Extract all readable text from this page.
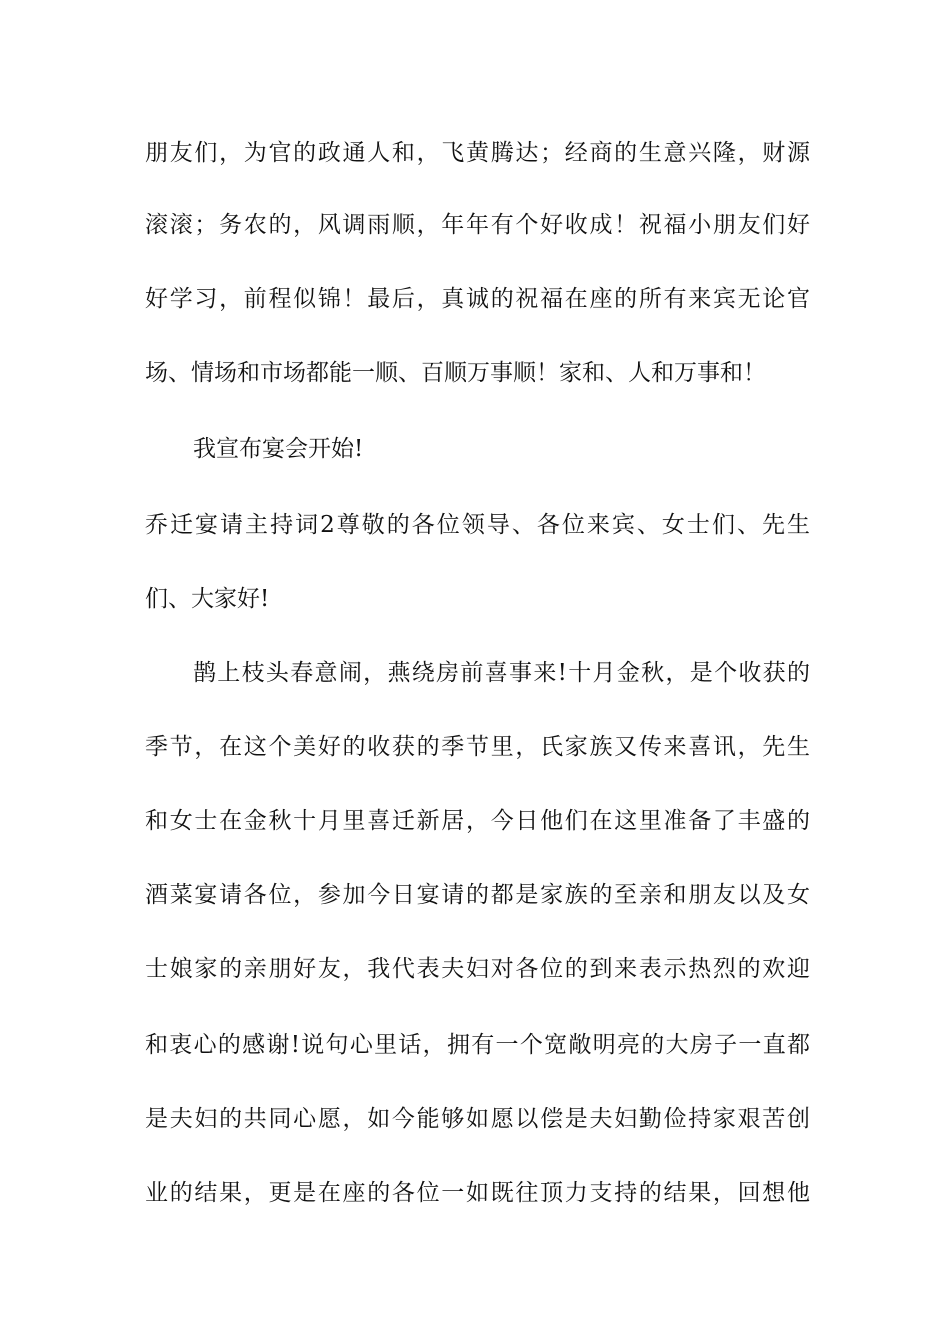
朋友们，为官的政通人和，飞黄腾达；经商的生意兴隆，财源
滚滚；务农的，风调雨顺，年年有个好收成！祝福小朋友们好
好学习，前程似锦！最后，真诚的祝福在座的所有来宾无论官
场、情场和市场都能一顺、百顺万事顺！家和、人和万事和！
我宣布宴会开始!
乔迁宴请主持词2尊敬的各位领导、各位来宾、女士们、先生
们、大家好!
鹊上枝头春意闹，燕绕房前喜事来!十月金秋，是个收获的
季节，在这个美好的收获的季节里，氏家族又传来喜讯，先生
和女士在金秋十月里喜迁新居，今日他们在这里准备了丰盛的
酒菜宴请各位，参加今日宴请的都是家族的至亲和朋友以及女
士娘家的亲朋好友，我代表夫妇对各位的到来表示热烈的欢迎
和衷心的感谢!说句心里话，拥有一个宽敞明亮的大房子一直都
是夫妇的共同心愿，如今能够如愿以偿是夫妇勤俭持家艰苦创
业的结果，更是在座的各位一如既往顶力支持的结果，回想他
